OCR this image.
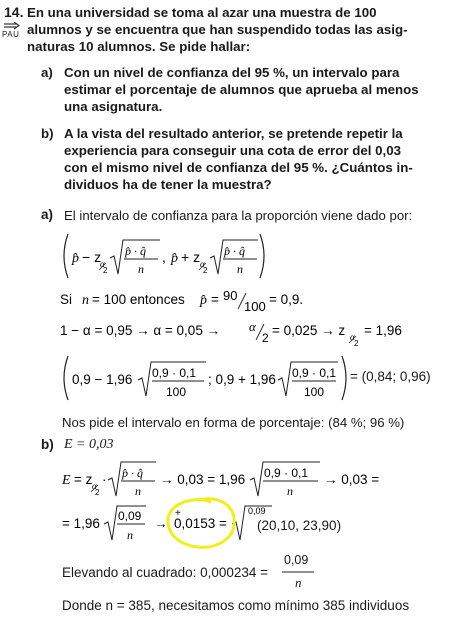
14.
PAU
En una universidad se toma al azar una muestra de 100
alumnos y se encuentra que han suspendido todas las asig-
naturas 10 alumnos. Se pide hallar:
a) Con un nivel de confianza del 95 %, un intervalo para
estimar el porcentaje de alumnos que aprueba al menos
una asignatura.
b) A la vista del resultado anterior, se pretende repetir la
experiencia para conseguir una cota de error del 0,03
con el mismo nivel de confianza del 95 %. ¿Cuántos in-
dividuos ha de tener la muestra?
a) El intervalo de confianza para la proporción viene dado por:
p̂ − z
α
2
p̂ · q̂
n
, p̂ + z α
2
p̂ · q̂
n
Si n = 100 entonces p̂ = 90
100 = 0,9.
1 − α = 0,95 → α = 0,05 → α
2 = 0,025 → z α
2
= 1,96
0,9 − 1,96 0,9 · 0,1
100
; 0,9 + 1,96 0,9 · 0,1
100
= (0,84; 0,96)
Nos pide el intervalo en forma de porcentaje: (84 %; 96 %)
b) E = 0,03
E = z α
2
· p̂ · q̂
n
→ 0,03 = 1,96 0,9 · 0,1
n
→ 0,03 =
= 1,96 0,09
n
→ 0,0153 =
+	0,09
(20,10, 23,90)
Elevando al cuadrado: 0,000234 =
0,09
n
Donde n = 385, necesitamos como mínimo 385 individuos
